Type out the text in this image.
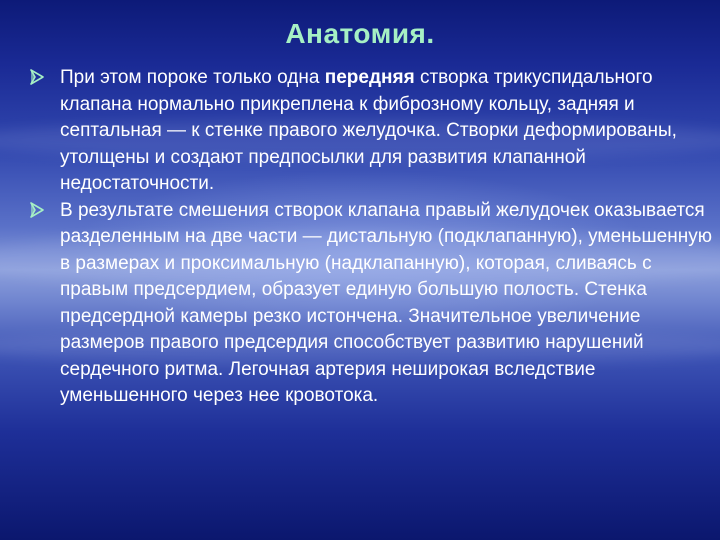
Анатомия.
При этом пороке только одна передняя створка трикуспидального клапана нормально прикреплена к фиброзному кольцу, задняя и септальная — к стенке правого желудочка. Створки деформированы, утолщены и создают предпосылки для развития клапанной недостаточности.
В результате смешения створок клапана правый желудочек оказывается разделенным на две части — дистальную (подклапанную), уменьшенную в размерах и проксимальную (надклапанную), которая, сливаясь с правым предсердием, образует единую большую полость. Стенка предсердной камеры резко истончена. Значительное увеличение размеров правого предсердия способствует развитию нарушений сердечного ритма. Легочная артерия неширокая вследствие уменьшенного через нее кровотока.
